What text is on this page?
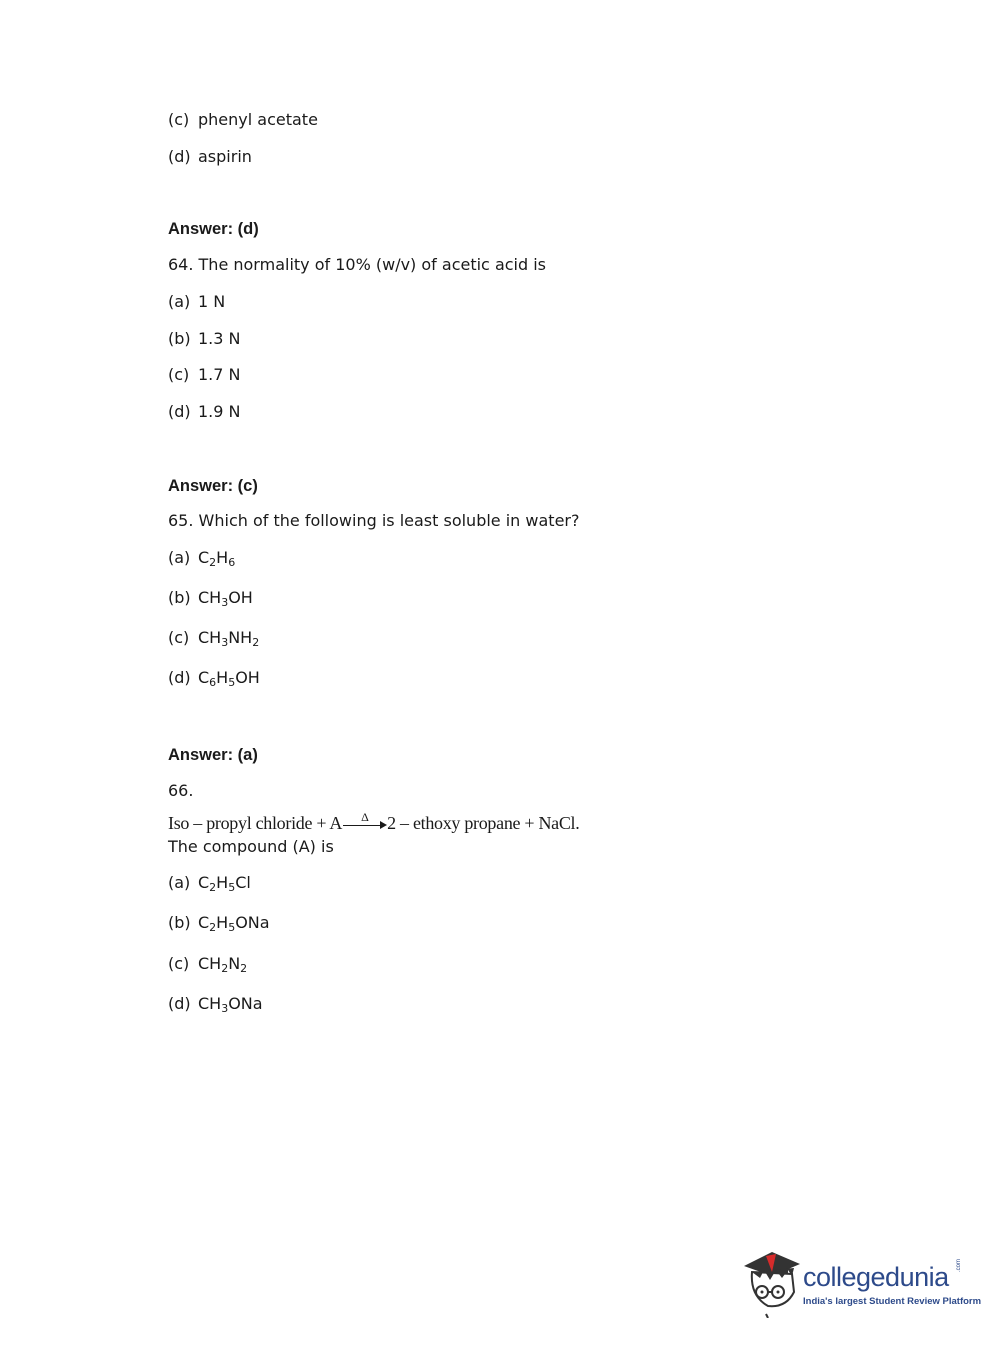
(c) phenyl acetate
(d) aspirin
Answer: (d)
64. The normality of 10% (w/v) of acetic acid is
(a) 1 N
(b) 1.3 N
(c) 1.7 N
(d) 1.9 N
Answer: (c)
65. Which of the following is least soluble in water?
(a) $C_2H_6$
(b) $CH_3OH$
(c) $CH_3NH_2$
(d) $C_6H_5OH$
Answer: (a)
66.
Iso – propyl chloride + A Δ 2 – ethoxy propane + NaCl.
The compound (A) is
(a) $C_2H_5Cl$
(b) $C_2H_5ONa$
(c) $CH_2N_2$
(d) $CH_3ONa$
collegedunia .com
India's largest Student Review Platform
